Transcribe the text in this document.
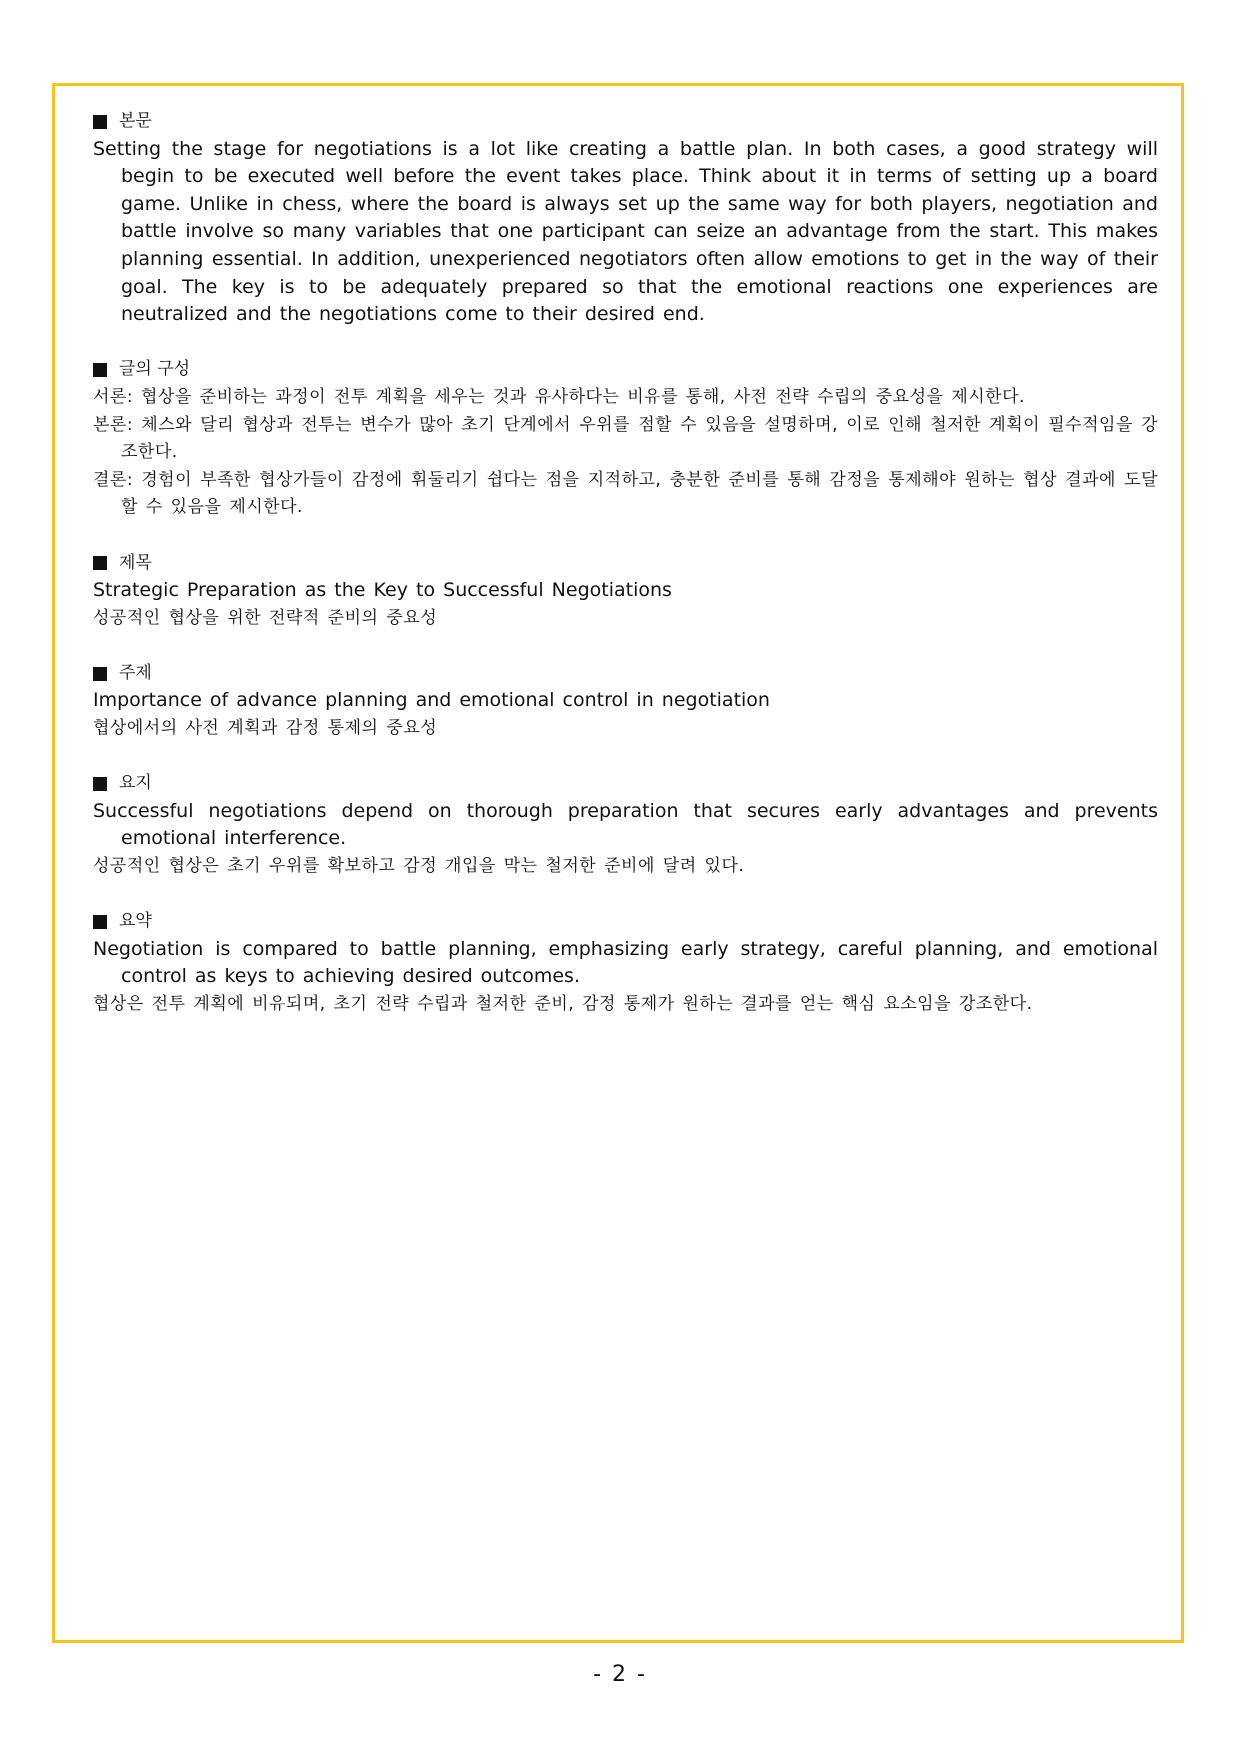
본문

Setting the stage for negotiations is a lot like creating a battle plan. In both cases, a good strategy will begin to be executed well before the event takes place. Think about it in terms of setting up a board game. Unlike in chess, where the board is always set up the same way for both players, negotiation and battle involve so many variables that one participant can seize an advantage from the start. This makes planning essential. In addition, unexperienced negotiators often allow emotions to get in the way of their goal. The key is to be adequately prepared so that the emotional reactions one experiences are neutralized and the negotiations come to their desired end.

글의 구성

서론: 협상을 준비하는 과정이 전투 계획을 세우는 것과 유사하다는 비유를 통해, 사전 전략 수립의 중요성을 제시한다.

본론: 체스와 달리 협상과 전투는 변수가 많아 초기 단계에서 우위를 점할 수 있음을 설명하며, 이로 인해 철저한 계획이 필수적임을 강조한다.

결론: 경험이 부족한 협상가들이 감정에 휘둘리기 쉽다는 점을 지적하고, 충분한 준비를 통해 감정을 통제해야 원하는 협상 결과에 도달할 수 있음을 제시한다.

제목

Strategic Preparation as the Key to Successful Negotiations

성공적인 협상을 위한 전략적 준비의 중요성

주제

Importance of advance planning and emotional control in negotiation

협상에서의 사전 계획과 감정 통제의 중요성

요지

Successful negotiations depend on thorough preparation that secures early advantages and prevents emotional interference.

성공적인 협상은 초기 우위를 확보하고 감정 개입을 막는 철저한 준비에 달려 있다.

요약

Negotiation is compared to battle planning, emphasizing early strategy, careful planning, and emotional control as keys to achieving desired outcomes.

협상은 전투 계획에 비유되며, 초기 전략 수립과 철저한 준비, 감정 통제가 원하는 결과를 얻는 핵심 요소임을 강조한다.

- 2 -
